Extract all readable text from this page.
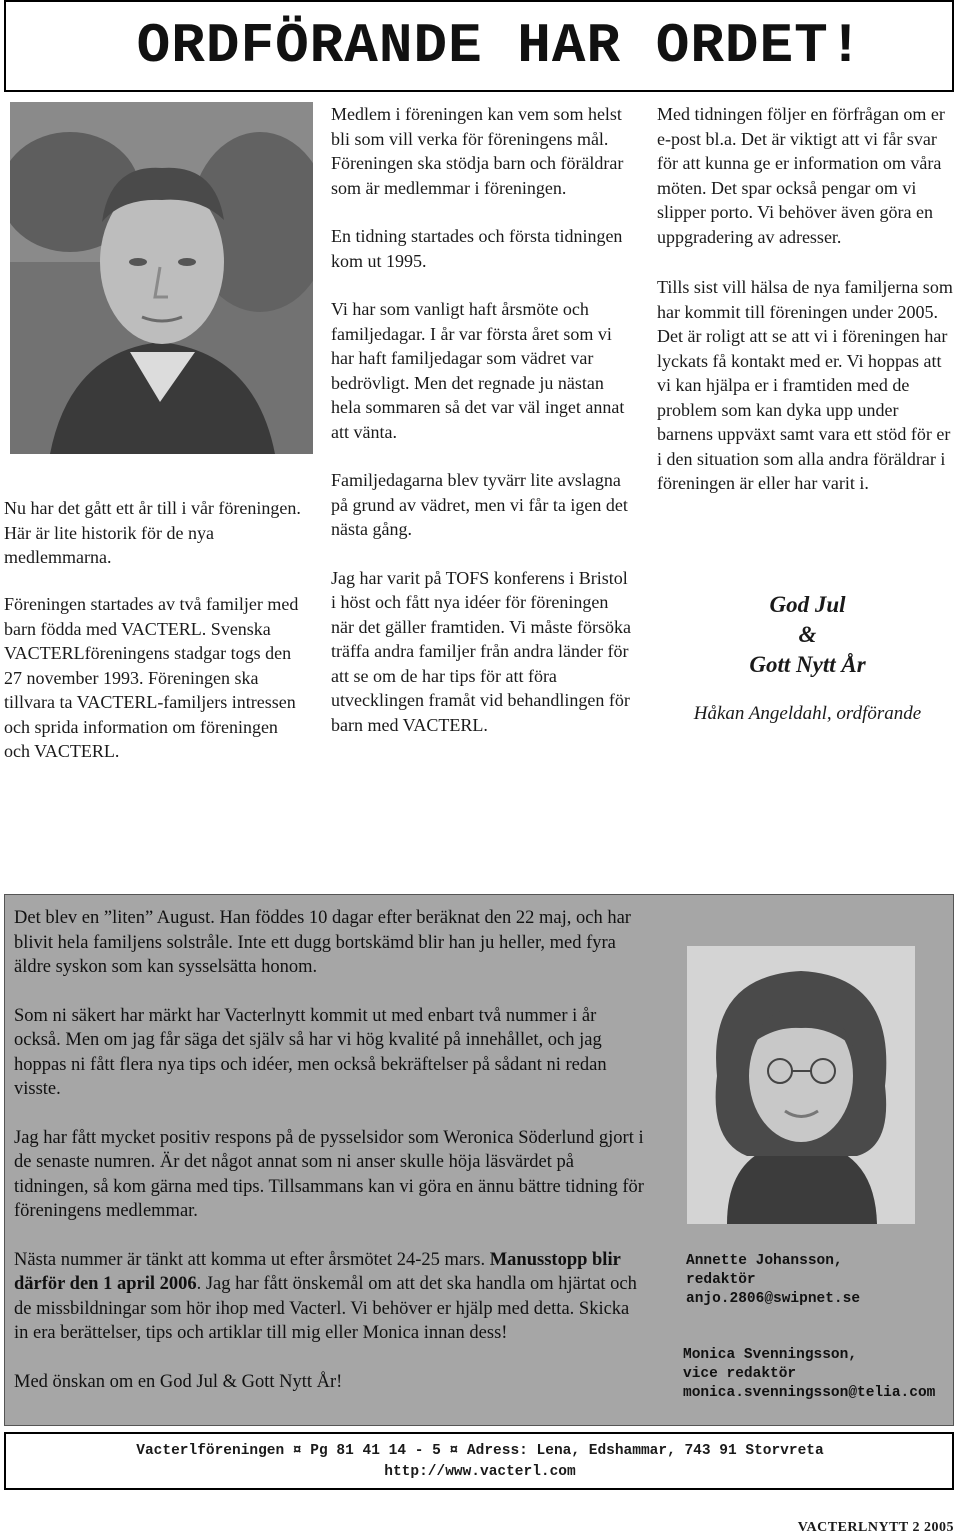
ORDFÖRANDE HAR ORDET!

Nu har det gått ett år till i vår föreningen. Här är lite historik för de nya medlemmarna.

Föreningen startades av två familjer med barn födda med VACTERL. Svenska VACTERLföreningens stadgar togs den 27 november 1993. Föreningen ska tillvara ta VACTERL-familjers intressen och sprida information om föreningen och VACTERL.

Medlem i föreningen kan vem som helst bli som vill verka för föreningens mål. Föreningen ska stödja barn och föräldrar som är medlemmar i föreningen.

En tidning startades och första tidningen kom ut 1995.

Vi har som vanligt haft årsmöte och familjedagar. I år var första året som vi har haft familjedagar som vädret var bedrövligt. Men det regnade ju nästan hela sommaren så det var väl inget annat att vänta.

Familjedagarna blev tyvärr lite avslagna på grund av vädret, men vi får ta igen det nästa gång.

Jag har varit på TOFS konferens i Bristol i höst och fått nya idéer för föreningen när det gäller framtiden. Vi måste försöka träffa andra familjer från andra länder för att se om de har tips för att föra utvecklingen framåt vid behandlingen för barn med VACTERL.

Med tidningen följer en förfrågan om er e-post bl.a. Det är viktigt att vi får svar för att kunna ge er information om våra möten. Det spar också pengar om vi slipper porto. Vi behöver även göra en uppgradering av adresser.

Tills sist vill hälsa de nya familjerna som har kommit till föreningen under 2005. Det är roligt att se att vi i föreningen har lyckats få kontakt med er. Vi hoppas att vi kan hjälpa er i framtiden med de problem som kan dyka upp under barnens uppväxt samt vara ett stöd för er i den situation som alla andra föräldrar i föreningen är eller har varit i.

God Jul
&
Gott Nytt År
Håkan Angeldahl, ordförande

Det blev en ”liten” August. Han föddes 10 dagar efter beräknat den 22 maj, och har blivit hela familjens solstråle. Inte ett dugg bortskämd blir han ju heller, med fyra äldre syskon som kan sysselsätta honom.

Som ni säkert har märkt har Vacterlnytt kommit ut med enbart två nummer i år också. Men om jag får säga det själv så har vi hög kvalité på innehållet, och jag hoppas ni fått flera nya tips och idéer, men också bekräftelser på sådant ni redan visste.

Jag har fått mycket positiv respons på de pysselsidor som Weronica Söderlund gjort i de senaste numren. Är det något annat som ni anser skulle höja läsvärdet på tidningen, så kom gärna med tips. Tillsammans kan vi göra en ännu bättre tidning för föreningens medlemmar.

Nästa nummer är tänkt att komma ut efter årsmötet 24-25 mars. Manusstopp blir därför den 1 april 2006. Jag har fått önskemål om att det ska handla om hjärtat och de missbildningar som hör ihop med Vacterl. Vi behöver er hjälp med detta. Skicka in era berättelser, tips och artiklar till mig eller Monica innan dess!

Med önskan om en God Jul & Gott Nytt År!

Annette Johansson,
redaktör
anjo.2806@swipnet.se
Monica Svenningsson,
vice redaktör
monica.svenningsson@telia.com
Vacterlföreningen ¤ Pg 81 41 14 - 5 ¤ Adress: Lena, Edshammar, 743 91 Storvreta
http://www.vacterl.com
VACTERLNYTT 2 2005
